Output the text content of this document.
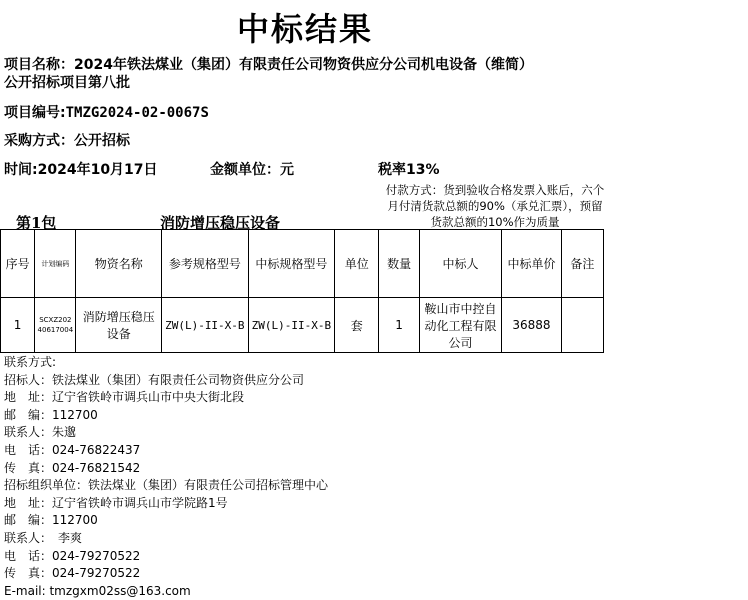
中标结果
项目名称：2024年铁法煤业（集团）有限责任公司物资供应分公司机电设备（维简）
公开招标项目第八批
项目编号:TMZG2024-02-0067S
采购方式：公开招标
时间:2024年10月17日	金额单位：元	税率13%
付款方式：货到验收合格发票入账后，六个月付清货款总额的90%（承兑汇票），预留货款总额的10%作为质量
第1包	消防增压稳压设备
序号	计划编码	物资名称	参考规格型号	中标规格型号	单位	数量	中标人	中标单价	备注
1	SCXZ20240617004	消防增压稳压设备	ZW(L)-II-X-B	ZW(L)-II-X-B	套	1	鞍山市中控自动化工程有限公司	36888	
联系方式:
招标人：铁法煤业（集团）有限责任公司物资供应分公司
地　址：辽宁省铁岭市调兵山市中央大街北段
邮　编：112700
联系人：朱邈
电　话：024-76822437
传　真：024-76821542
招标组织单位：铁法煤业（集团）有限责任公司招标管理中心
地　址：辽宁省铁岭市调兵山市学院路1号
邮　编：112700
联系人：　李爽
电　话：024-79270522
传　真：024-79270522
E-mail: tmzgxm02ss@163.com
